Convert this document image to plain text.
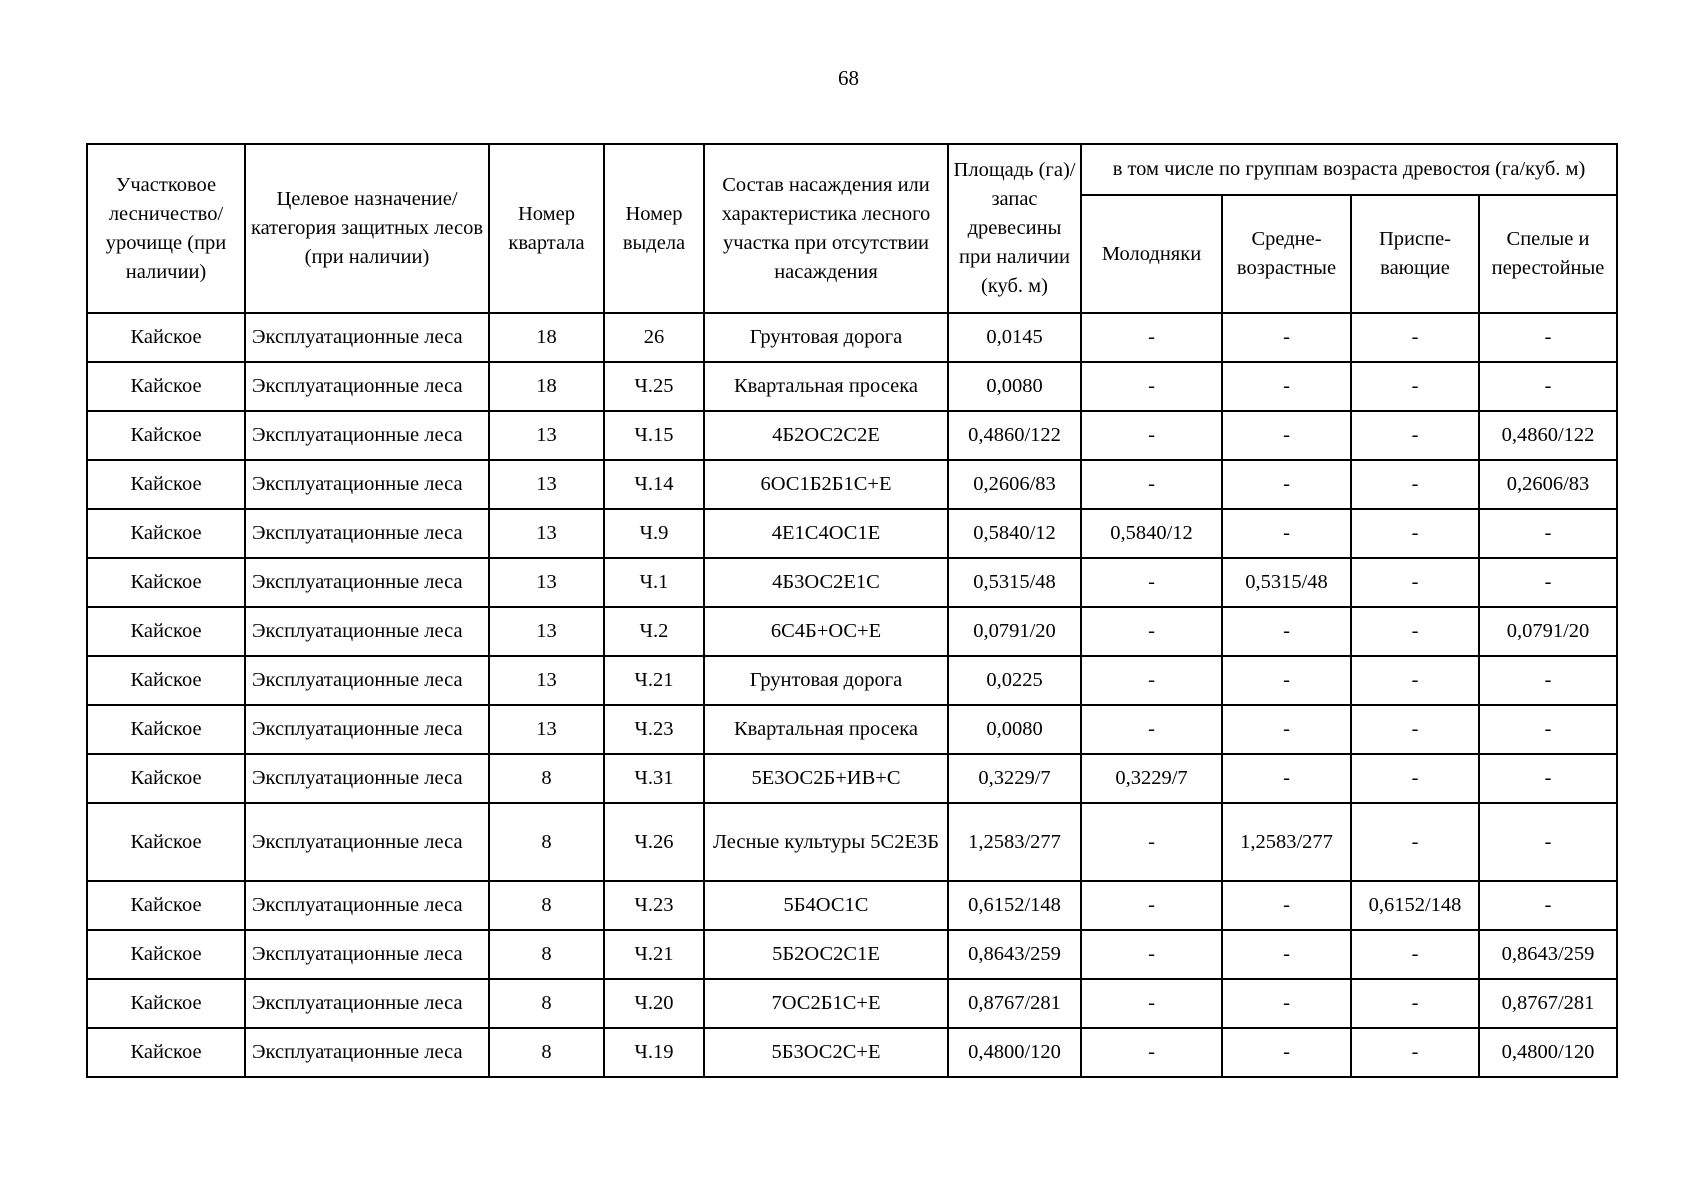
68
Участковое лесничество/ урочище (при наличии)	Целевое назначение/ категория защитных лесов (при наличии)	Номер квартала	Номер выдела	Состав насаждения или характеристика лесного участка при отсутствии насаждения	Площадь (га)/ запас древесины при наличии (куб. м)	в том числе по группам возраста древостоя (га/куб. м)			
						Молодняки	Средне-возрастные	Приспе-вающие	Спелые и перестойные
Кайское	Эксплуатационные леса	18	26	Грунтовая дорога	0,0145	-	-	-	-
Кайское	Эксплуатационные леса	18	Ч.25	Квартальная просека	0,0080	-	-	-	-
Кайское	Эксплуатационные леса	13	Ч.15	4Б2ОС2С2Е	0,4860/122	-	-	-	0,4860/122
Кайское	Эксплуатационные леса	13	Ч.14	6ОС1Б2Б1С+Е	0,2606/83	-	-	-	0,2606/83
Кайское	Эксплуатационные леса	13	Ч.9	4Е1С4ОС1Е	0,5840/12	0,5840/12	-	-	-
Кайское	Эксплуатационные леса	13	Ч.1	4Б3ОС2Е1С	0,5315/48	-	0,5315/48	-	-
Кайское	Эксплуатационные леса	13	Ч.2	6С4Б+ОС+Е	0,0791/20	-	-	-	0,0791/20
Кайское	Эксплуатационные леса	13	Ч.21	Грунтовая дорога	0,0225	-	-	-	-
Кайское	Эксплуатационные леса	13	Ч.23	Квартальная просека	0,0080	-	-	-	-
Кайское	Эксплуатационные леса	8	Ч.31	5Е3ОС2Б+ИВ+С	0,3229/7	0,3229/7	-	-	-
Кайское	Эксплуатационные леса	8	Ч.26	Лесные культуры 5С2Е3Б	1,2583/277	-	1,2583/277	-	-
Кайское	Эксплуатационные леса	8	Ч.23	5Б4ОС1С	0,6152/148	-	-	0,6152/148	-
Кайское	Эксплуатационные леса	8	Ч.21	5Б2ОС2С1Е	0,8643/259	-	-	-	0,8643/259
Кайское	Эксплуатационные леса	8	Ч.20	7ОС2Б1С+Е	0,8767/281	-	-	-	0,8767/281
Кайское	Эксплуатационные леса	8	Ч.19	5Б3ОС2С+Е	0,4800/120	-	-	-	0,4800/120
